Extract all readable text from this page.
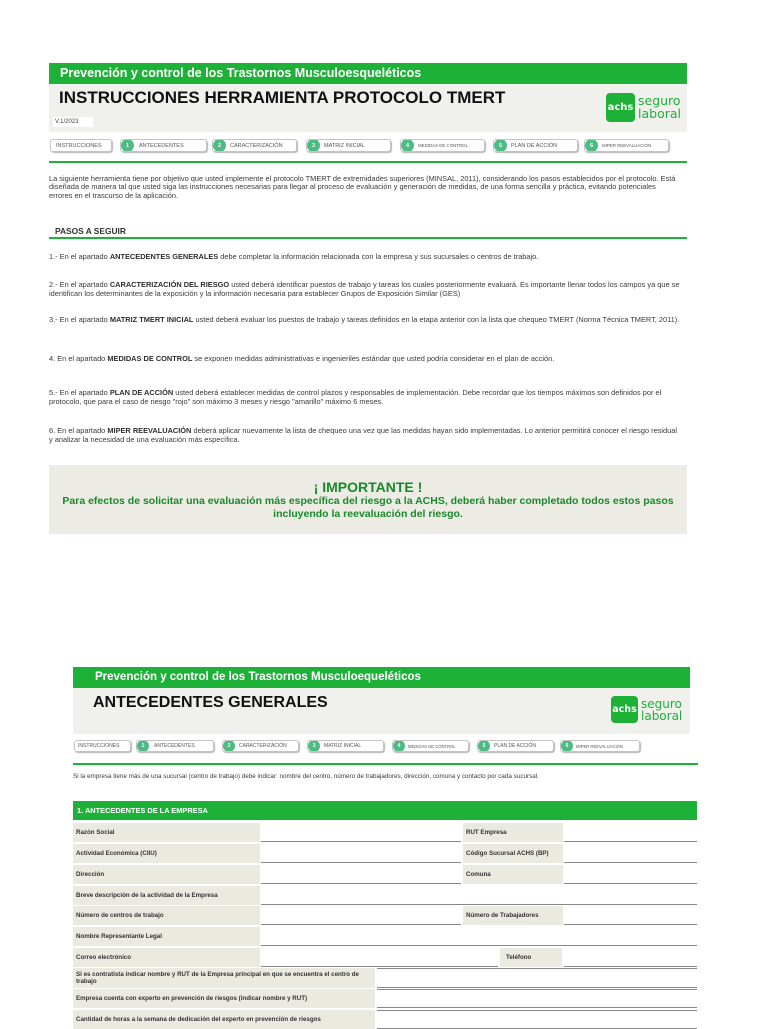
Prevención y control de los Trastornos Musculoesqueléticos
INSTRUCCIONES HERRAMIENTA PROTOCOLO TMERT
V.1/2023
achs seguro
laboral
INSTRUCCIONES	1	ANTECEDENTES	2	CARACTERIZACIÓN	3	MATRIZ INICIAL	4	MEDIDAS DE CONTROL	5	PLAN DE ACCIÓN	6	MIPER REEVALUACIÓN
La siguiente herramienta tiene por objetivo que usted implemente el protocolo TMERT de extremidades superiores (MINSAL, 2011), considerando los pasos establecidos por el protocolo. Está diseñada de manera tal que usted siga las instrucciones necesarias para llegar al proceso de evaluación y generación de medidas, de una forma sencilla y práctica, evitando potenciales errores en el trascurso de la aplicación.
PASOS A SEGUIR
1.- En el apartado ANTECEDENTES GENERALES debe completar la información relacionada con la empresa y sus sucursales o centros de trabajo.
2.- En el apartado CARACTERIZACIÓN DEL RIESGO usted deberá identificar puestos de trabajo y tareas los cuales posteriormente evaluará. Es importante llenar todos los campos ya que se identifican los determinantes de la exposición y la información necesaria para establecer Grupos de Exposición Similar (GES)
3.- En el apartado MATRIZ TMERT INICIAL usted deberá evaluar los puestos de trabajo y tareas definidos en la etapa anterior con la lista que chequeo TMERT (Norma Técnica TMERT, 2011).
4. En el apartado MEDIDAS DE CONTROL se exponen medidas administrativas e ingenieriles estándar que usted podría considerar en el plan de acción.
5.- En el apartado PLAN DE ACCIÓN usted deberá establecer medidas de control plazos y responsables de implementación. Debe recordar que los tiempos máximos son definidos por el protocolo, que para el caso de riesgo "rojo" son máximo 3 meses y riesgo "amarillo" máximo 6 meses.
6. En el apartado MIPER REEVALUACIÓN deberá aplicar nuevamente la lista de chequeo una vez que las medidas hayan sido implementadas. Lo anterior permitirá conocer el riesgo residual y analizar la necesidad de una evaluación más específica.
¡ IMPORTANTE !
Para efectos de solicitar una evaluación más específica del riesgo a la ACHS, deberá haber completado todos estos pasos incluyendo la reevaluación del riesgo.
Prevención y control de los Trastornos Musculoequeléticos
ANTECEDENTES GENERALES	achs seguro
laboral
INSTRUCCIONES	1	ANTECEDENTES	2	CARACTERIZACIÓN	3	MATRIZ INICIAL	4	MEDIDAS DE CONTROL	5	PLAN DE ACCIÓN	6	MIPER REEVALUACIÓN
Si la empresa tiene más de una sucursal (centro de trabajo) debe indicar: nombre del centro, número de trabajadores, dirección, comuna y contacto por cada sucursal.
1. ANTECEDENTES DE LA EMPRESA
Razón Social	RUT Empresa
Actividad Económica (CIIU)	Código Sucursal ACHS (BP)
Dirección	Comuna
Breve descripción de la actividad de la Empresa
Número de centros de trabajo	Número de Trabajadores
Nombre Representante Legal
Correo electrónico	Teléfono
Si es contratista indicar nombre y RUT de la Empresa principal en que se encuentra el centro de trabajo
Empresa cuenta con experto en prevención de riesgos (indicar nombre y RUT)
Cantidad de horas a la semana de dedicación del experto en prevención de riesgos
